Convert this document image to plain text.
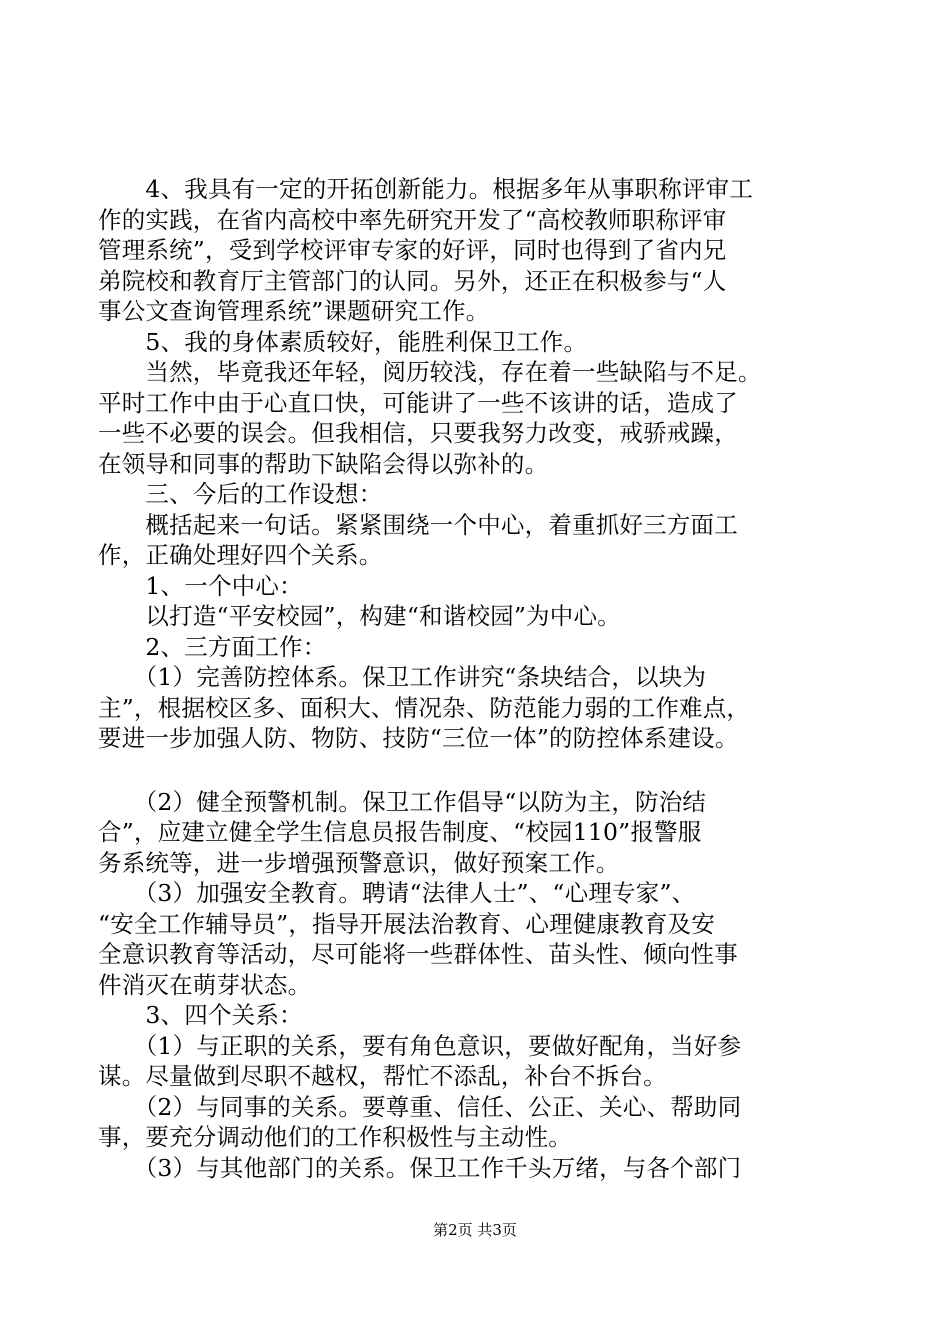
　　4、我具有一定的开拓创新能力。根据多年从事职称评审工
作的实践，在省内高校中率先研究开发了“高校教师职称评审
管理系统”，受到学校评审专家的好评，同时也得到了省内兄
弟院校和教育厅主管部门的认同。另外，还正在积极参与“人
事公文查询管理系统”课题研究工作。
　　5、我的身体素质较好，能胜利保卫工作。
　　当然，毕竟我还年轻，阅历较浅，存在着一些缺陷与不足。
平时工作中由于心直口快，可能讲了一些不该讲的话，造成了
一些不必要的误会。但我相信，只要我努力改变，戒骄戒躁，
在领导和同事的帮助下缺陷会得以弥补的。
　　三、今后的工作设想：
　　概括起来一句话。紧紧围绕一个中心，着重抓好三方面工
作，正确处理好四个关系。
　　1、一个中心：
　　以打造“平安校园”，构建“和谐校园”为中心。
　　2、三方面工作：
　　（1）完善防控体系。保卫工作讲究“条块结合，以块为
主”，根据校区多、面积大、情况杂、防范能力弱的工作难点，
要进一步加强人防、物防、技防“三位一体”的防控体系建设。
　　（2）健全预警机制。保卫工作倡导“以防为主，防治结
合”，应建立健全学生信息员报告制度、“校园110”报警服
务系统等，进一步增强预警意识，做好预案工作。
　　（3）加强安全教育。聘请“法律人士”、“心理专家”、
“安全工作辅导员”，指导开展法治教育、心理健康教育及安
全意识教育等活动，尽可能将一些群体性、苗头性、倾向性事
件消灭在萌芽状态。
　　3、四个关系：
　　（1）与正职的关系，要有角色意识，要做好配角，当好参
谋。尽量做到尽职不越权，帮忙不添乱，补台不拆台。
　　（2）与同事的关系。要尊重、信任、公正、关心、帮助同
事，要充分调动他们的工作积极性与主动性。
　　（3）与其他部门的关系。保卫工作千头万绪，与各个部门
第2页 共3页
